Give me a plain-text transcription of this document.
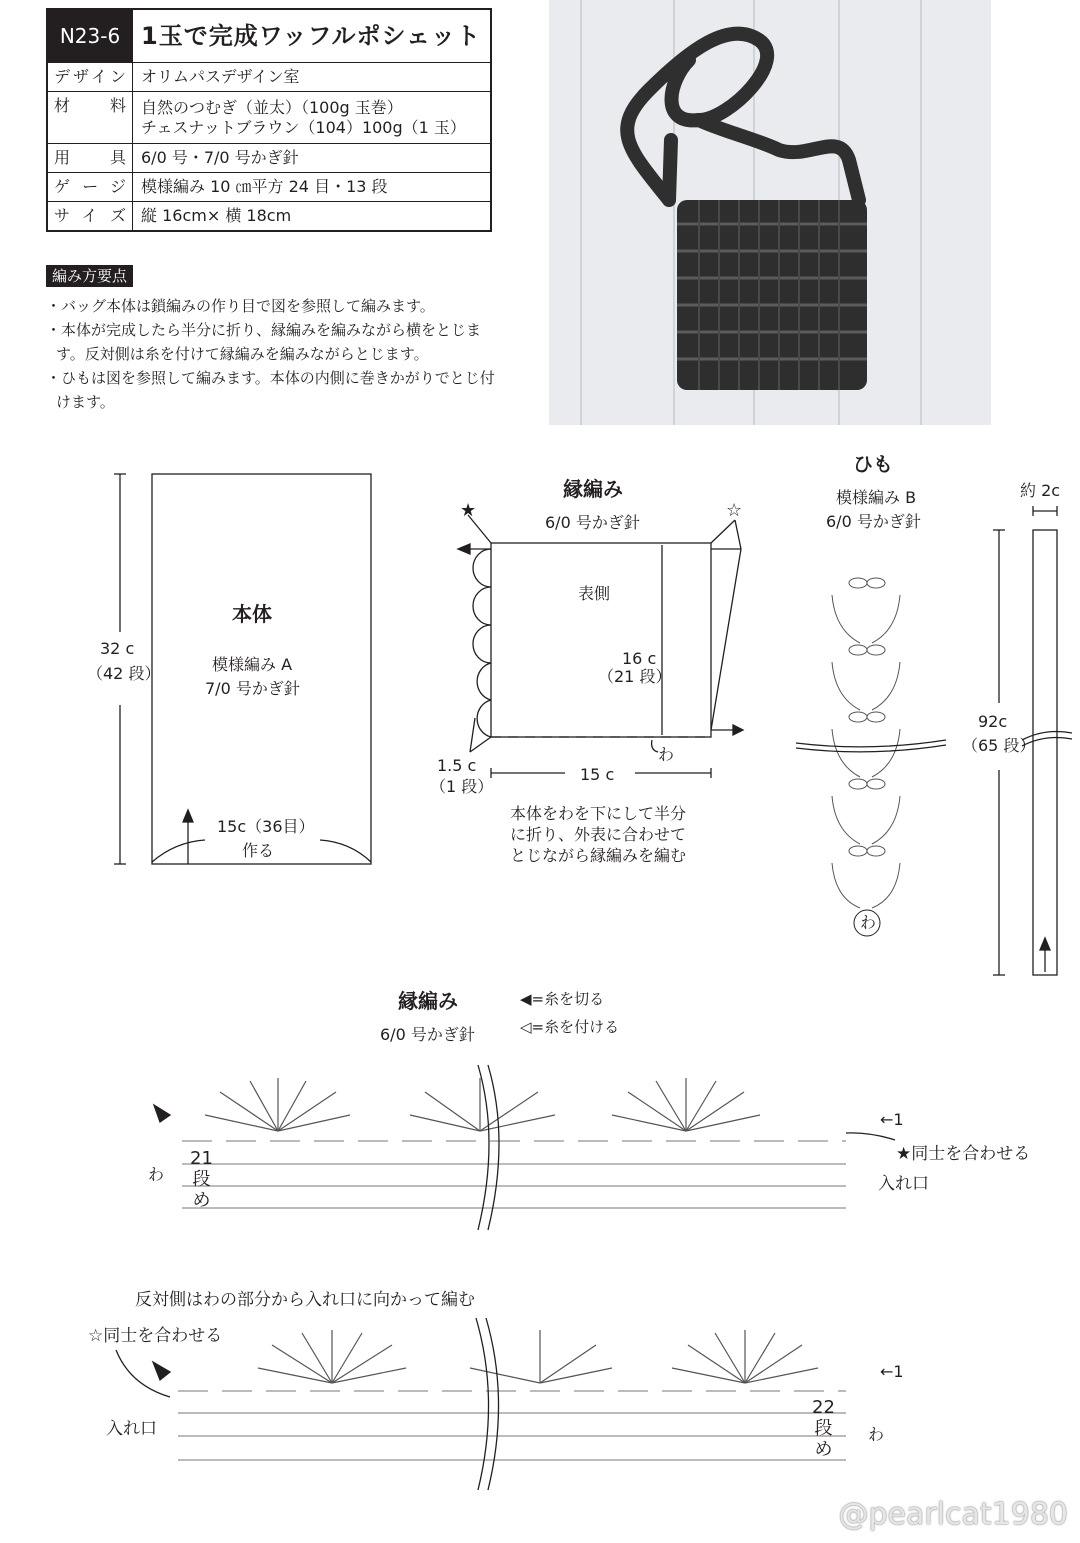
N23-6	1玉で完成ワッフルポシェット
デザイン	オリムパスデザイン室
材　料	自然のつむぎ（並太）（100g 玉巻）
チェスナットブラウン（104）100g（1 玉）

用　具	6/0 号・7/0 号かぎ針
ゲージ	模様編み 10 ㎝平方 24 目・13 段
サイズ	縦 16cm× 横 18cm
編み方要点
・バッグ本体は鎖編みの作り目で図を参照して編みます。
・本体が完成したら半分に折り、縁編みを編みながら横をとじます。反対側は糸を付けて縁編みを編みながらとじます。
・ひもは図を参照して編みます。本体の内側に巻きかがりでとじ付けます。
本体
模様編み A
7/0 号かぎ針
32 c
（42 段）
15c（36目）
作る
縁編み
6/0 号かぎ針
★	☆
表側
16 c
（21 段）
わ
1.5 c
（1 段）
15 c
本体をわを下にして半分
に折り、外表に合わせて
とじながら縁編みを編む
ひも
模様編み B
6/0 号かぎ針
わ
約 2c
92c
（65 段）
縁編み
6/0 号かぎ針
◀=糸を切る
◁=糸を付ける
わ
21
段
め
←1
★同士を合わせる
入れ口
反対側はわの部分から入れ口に向かって編む
☆同士を合わせる
入れ口
22
段
め
わ
←1
@pearlcat1980
